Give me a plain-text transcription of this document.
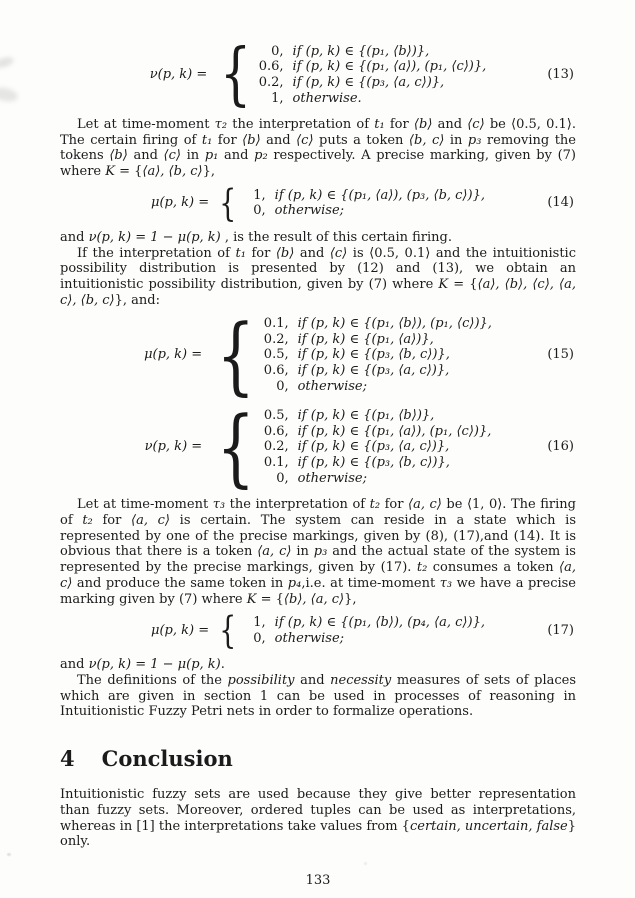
ν(p, k) = {	0, if (p, k) ∈ {(p₁, ⟨b⟩)},
0.6, if (p, k) ∈ {(p₁, ⟨a⟩), (p₁, ⟨c⟩)},
0.2, if (p, k) ∈ {(p₃, ⟨a, c⟩)},
1, otherwise.
(13)

Let at time-moment τ₂ the interpretation of t₁ for ⟨b⟩ and ⟨c⟩ be ⟨0.5, 0.1⟩. The certain firing of t₁ for ⟨b⟩ and ⟨c⟩ puts a token ⟨b, c⟩ in p₃ removing the tokens ⟨b⟩ and ⟨c⟩ in p₁ and p₂ respectively. A precise marking, given by (7) where K = {⟨a⟩, ⟨b, c⟩},

μ(p, k) = {	1, if (p, k) ∈ {(p₁, ⟨a⟩), (p₃, ⟨b, c⟩)},
0, otherwise;
(14)

and ν(p, k) = 1 − μ(p, k) , is the result of this certain firing.

If the interpretation of t₁ for ⟨b⟩ and ⟨c⟩ is ⟨0.5, 0.1⟩ and the intuitionistic possibility distribution is presented by (12) and (13), we obtain an intuitionistic possibility distribution, given by (7) where K = {⟨a⟩, ⟨b⟩, ⟨c⟩, ⟨a, c⟩, ⟨b, c⟩}, and:

μ(p, k) = { 0.1, if (p, k) ∈ {(p₁, ⟨b⟩), (p₁, ⟨c⟩)},
0.2, if (p, k) ∈ {(p₁, ⟨a⟩)},
0.5, if (p, k) ∈ {(p₃, ⟨b, c⟩)},
0.6, if (p, k) ∈ {(p₃, ⟨a, c⟩)},
0, otherwise;
(15)
ν(p, k) = { 0.5, if (p, k) ∈ {(p₁, ⟨b⟩)},
0.6, if (p, k) ∈ {(p₁, ⟨a⟩), (p₁, ⟨c⟩)},
0.2, if (p, k) ∈ {(p₃, ⟨a, c⟩)},
0.1, if (p, k) ∈ {(p₃, ⟨b, c⟩)},
0, otherwise;
(16)

Let at time-moment τ₃ the interpretation of t₂ for ⟨a, c⟩ be ⟨1, 0⟩. The firing of t₂ for ⟨a, c⟩ is certain. The system can reside in a state which is represented by one of the precise markings, given by (8), (17),and (14). It is obvious that there is a token ⟨a, c⟩ in p₃ and the actual state of the system is represented by the precise markings, given by (17). t₂ consumes a token ⟨a, c⟩ and produce the same token in p₄,i.e. at time-moment τ₃ we have a precise marking given by (7) where K = {⟨b⟩, ⟨a, c⟩},

μ(p, k) = {	1, if (p, k) ∈ {(p₁, ⟨b⟩), (p₄, ⟨a, c⟩)},
0, otherwise;
(17)

and ν(p, k) = 1 − μ(p, k).

The definitions of the possibility and necessity measures of sets of places which are given in section 1 can be used in processes of reasoning in Intuitionistic Fuzzy Petri nets in order to formalize operations.

4 Conclusion

Intuitionistic fuzzy sets are used because they give better representation than fuzzy sets. Moreover, ordered tuples can be used as interpretations, whereas in [1] the interpretations take values from {certain, uncertain, false} only.

133
